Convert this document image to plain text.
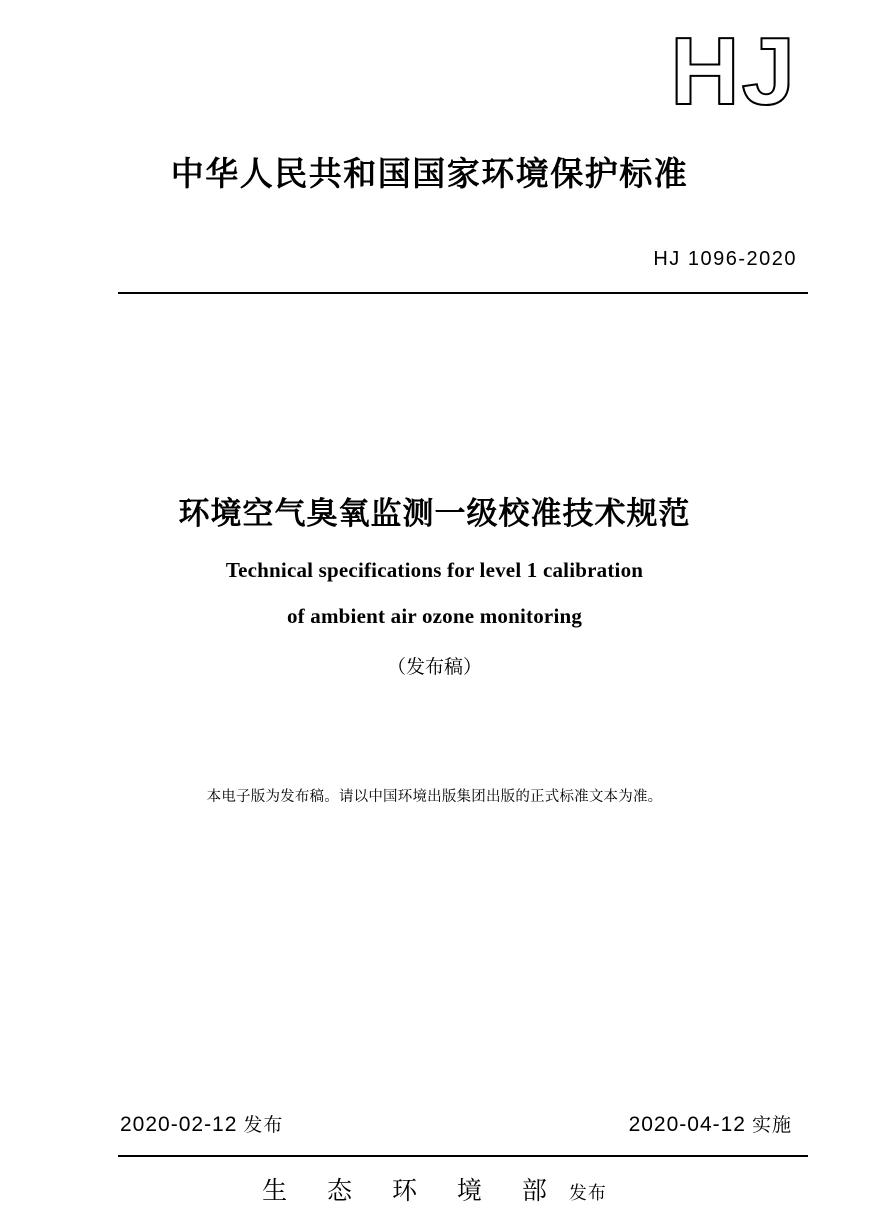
HJ
中华人民共和国国家环境保护标准
HJ 1096-2020
环境空气臭氧监测一级校准技术规范
Technical specifications for level 1 calibration
of ambient air ozone monitoring
（发布稿）
本电子版为发布稿。请以中国环境出版集团出版的正式标准文本为准。
2020-02-12 发布	2020-04-12 实施
生 态 环 境 部 发布
